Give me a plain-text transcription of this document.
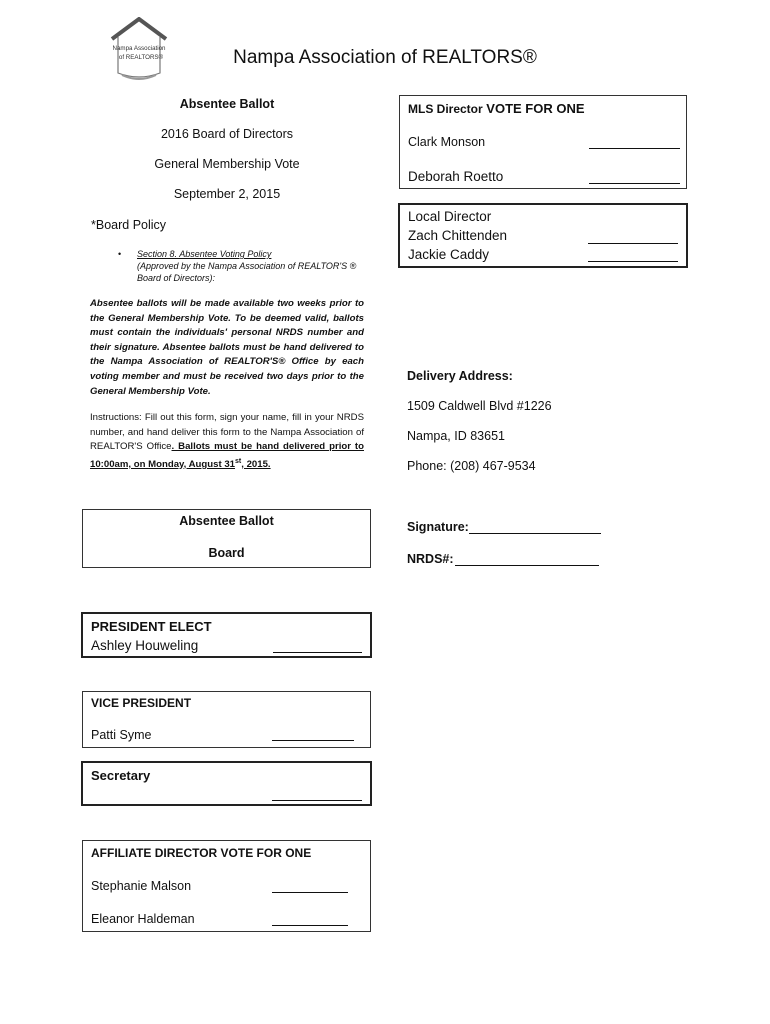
Nampa Association
of REALTORS®	Nampa Association of REALTORS®
Absentee Ballot
2016 Board of Directors
General Membership Vote
September 2, 2015
*Board Policy
• Section 8. Absentee Voting Policy
(Approved by the Nampa Association of REALTOR'S ® Board of Directors):
Absentee ballots will be made available two weeks prior to the General Membership Vote. To be deemed valid, ballots must contain the individuals' personal NRDS number and their signature. Absentee ballots must be hand delivered to the Nampa Association of REALTOR'S® Office by each voting member and must be received two days prior to the General Membership Vote.
Instructions: Fill out this form, sign your name, fill in your NRDS number, and hand deliver this form to the Nampa Association of REALTOR'S Office. Ballots must be hand delivered prior to 10:00am, on Monday, August 31st, 2015.
Absentee Ballot
Board
PRESIDENT ELECT
Ashley Houweling
VICE PRESIDENT
Patti Syme
Secretary
AFFILIATE DIRECTOR VOTE FOR ONE
Stephanie Malson
Eleanor Haldeman
MLS Director VOTE FOR ONE
Clark Monson
Deborah Roetto
Local Director
Zach Chittenden
Jackie Caddy
Delivery Address:
1509 Caldwell Blvd #1226
Nampa, ID 83651
Phone: (208) 467-9534
Signature:
NRDS#:
